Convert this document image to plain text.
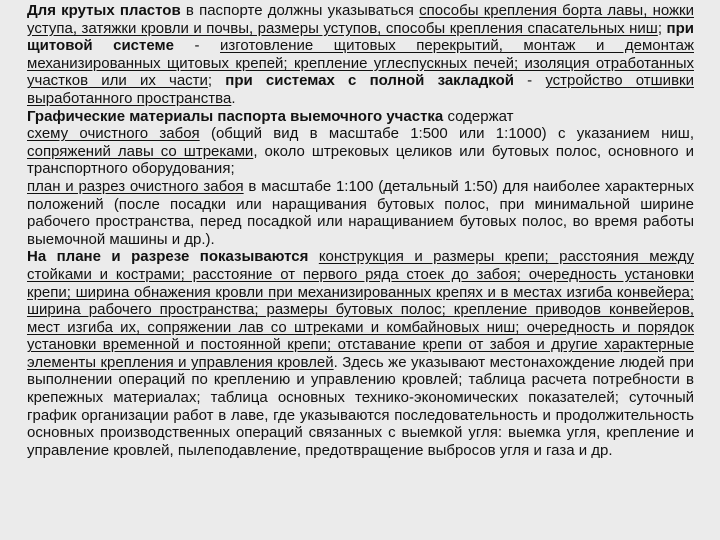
Для крутых пластов в паспорте должны указываться способы крепления борта лавы, ножки уступа, затяжки кровли и почвы, размеры уступов, способы крепления спасательных ниш; при щитовой системе - изготовление щитовых перекрытий, монтаж и демонтаж механизированных щитовых крепей; крепление углеспускных печей; изоляция отработанных участков или их части; при системах с полной закладкой - устройство отшивки выработанного пространства.

Графические материалы паспорта выемочного участка содержат

схему очистного забоя (общий вид в масштабе 1:500 или 1:1000) с указанием ниш, сопряжений лавы со штреками, около штрековых целиков или бутовых полос, основного и транспортного оборудования;

план и разрез очистного забоя в масштабе 1:100 (детальный 1:50) для наиболее характерных положений (после посадки или наращивания бутовых полос, при минимальной ширине рабочего пространства, перед посадкой или наращиванием бутовых полос, во время работы выемочной машины и др.).

На плане и разрезе показываются конструкция и размеры крепи; расстояния между стойками и кострами; расстояние от первого ряда стоек до забоя; очередность установки крепи; ширина обнажения кровли при механизированных крепях и в местах изгиба конвейера; ширина рабочего пространства; размеры бутовых полос; крепление приводов конвейеров, мест изгиба их, сопряжении лав со штреками и комбайновых ниш; очередность и порядок установки временной и постоянной крепи; отставание крепи от забоя и другие характерные элементы крепления и управления кровлей. Здесь же указывают местонахождение людей при выполнении операций по креплению и управлению кровлей; таблица расчета потребности в крепежных материалах; таблица основных технико-экономических показателей; суточный график организации работ в лаве, где указываются последовательность и продолжительность основных производственных операций связанных с выемкой угля: выемка угля, крепление и управление кровлей, пылеподавление, предотвращение выбросов угля и газа и др.
